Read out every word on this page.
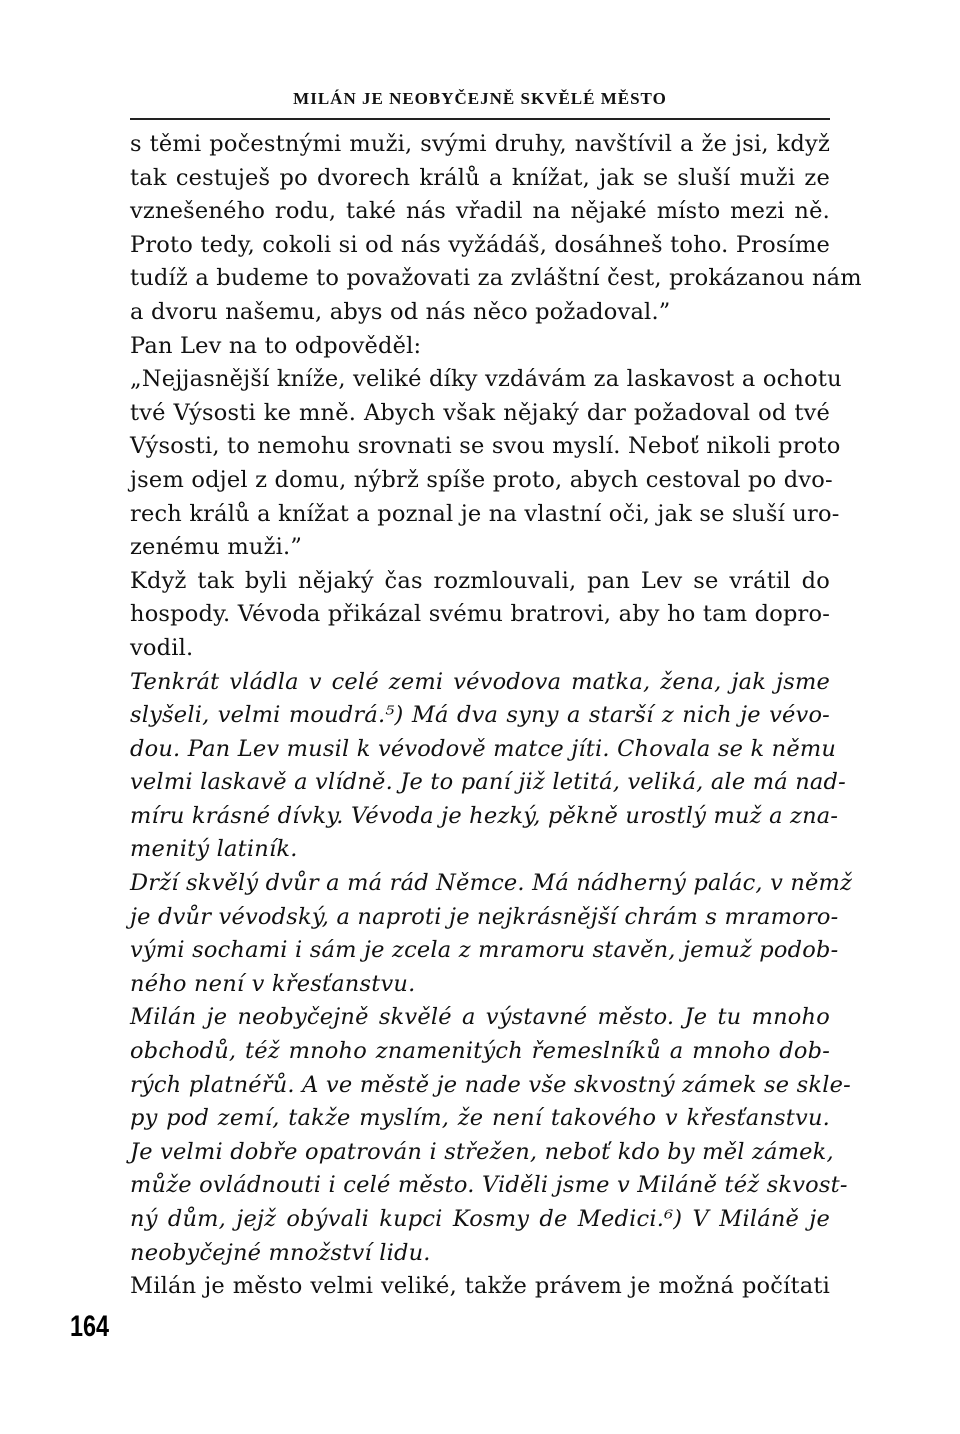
MILÁN JE NEOBYČEJNĚ SKVĚLÉ MĚSTO
s těmi počestnými muži, svými druhy, navštívil a že jsi, když
tak cestuješ po dvorech králů a knížat, jak se sluší muži ze
vznešeného rodu, také nás vřadil na nějaké místo mezi ně.
Proto tedy, cokoli si od nás vyžádáš, dosáhneš toho. Prosíme
tudíž a budeme to považovati za zvláštní čest, prokázanou nám
a dvoru našemu, abys od nás něco požadoval.”
Pan Lev na to odpověděl:
„Nejjasnější kníže, veliké díky vzdávám za laskavost a ochotu
tvé Výsosti ke mně. Abych však nějaký dar požadoval od tvé
Výsosti, to nemohu srovnati se svou myslí. Neboť nikoli proto
jsem odjel z domu, nýbrž spíše proto, abych cestoval po dvo-
rech králů a knížat a poznal je na vlastní oči, jak se sluší uro-
zenému muži.”
Když tak byli nějaký čas rozmlouvali, pan Lev se vrátil do
hospody. Vévoda přikázal svému bratrovi, aby ho tam dopro-
vodil.
Tenkrát vládla v celé zemi vévodova matka, žena, jak jsme
slyšeli, velmi moudrá.⁵) Má dva syny a starší z nich je vévo-
dou. Pan Lev musil k vévodově matce jíti. Chovala se k němu
velmi laskavě a vlídně. Je to paní již letitá, veliká, ale má nad-
míru krásné dívky. Vévoda je hezký, pěkně urostlý muž a zna-
menitý latiník.
Drží skvělý dvůr a má rád Němce. Má nádherný palác, v němž
je dvůr vévodský, a naproti je nejkrásnější chrám s mramoro-
vými sochami i sám je zcela z mramoru stavěn, jemuž podob-
ného není v křesťanstvu.
Milán je neobyčejně skvělé a výstavné město. Je tu mnoho
obchodů, též mnoho znamenitých řemeslníků a mnoho dob-
rých platnéřů. A ve městě je nade vše skvostný zámek se skle-
py pod zemí, takže myslím, že není takového v křesťanstvu.
Je velmi dobře opatrován i střežen, neboť kdo by měl zámek,
může ovládnouti i celé město. Viděli jsme v Miláně též skvost-
ný dům, jejž obývali kupci Kosmy de Medici.⁶) V Miláně je
neobyčejné množství lidu.
Milán je město velmi veliké, takže právem je možná počítati
164
